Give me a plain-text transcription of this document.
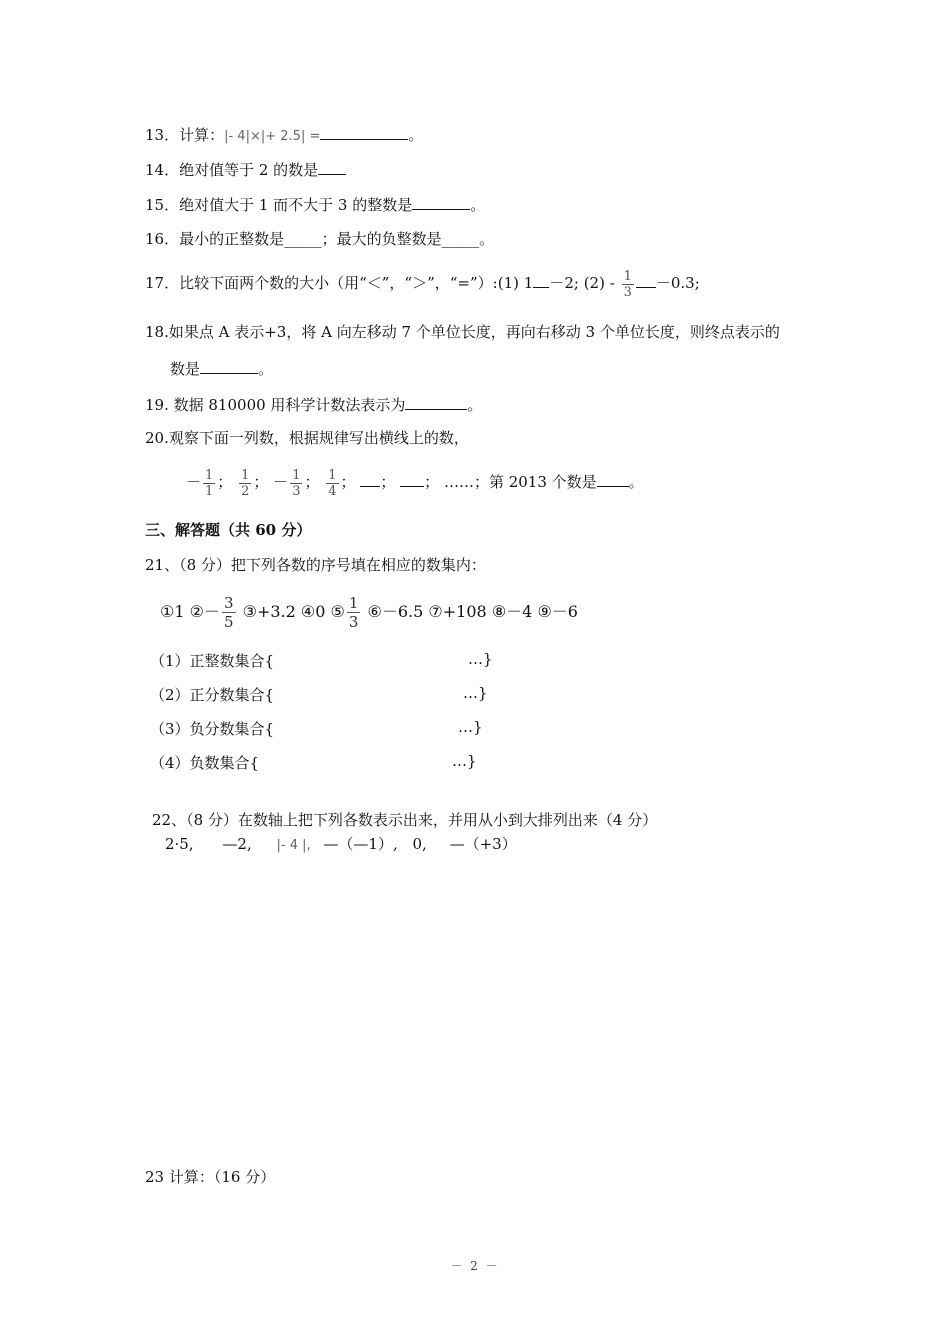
13．计算：|- 4|×|+ 2.5| =	。
14．绝对值等于 2 的数是
15．绝对值大于 1 而不大于 3 的整数是	。
16．最小的正整数是_____；最大的负整数是_____。
17．比较下面两个数的大小（用“＜”，“＞”，“=”）:(1) 1 －2; $(2) - \frac{1}{3} -0.3$;
18.如果点 A 表示+3，将 A 向左移动 7 个单位长度，再向右移动 3 个单位长度，则终点表示的
数是	。
19. 数据 810000 用科学计数法表示为	。
20.观察下面一列数，根据规律写出横线上的数，
－ $\frac{1}{1}$ ； $\frac{1}{2}$ ； － $\frac{1}{3}$ ； $\frac{1}{4}$ ； ； ； ……；第 2013 个数是 。
三、解答题（共 60 分）
21、（8 分）把下列各数的序号填在相应的数集内：
①1 ②－ $\frac{3}{5}$ ③+3.2 ④0 ⑤ $\frac{1}{3}$ ⑥－6.5 ⑦+108 ⑧－4 ⑨－6
（1）正整数集合{	…}
（2）正分数集合{	…}
（3）负分数集合{	…}
（4）负数集合{	…}
22、（8 分）在数轴上把下列各数表示出来，并用从小到大排列出来（4 分）
2·5, —2, |- 4 |, —（—1）, 0, —（+3）
23 计算：（16 分）
－ 2 －
